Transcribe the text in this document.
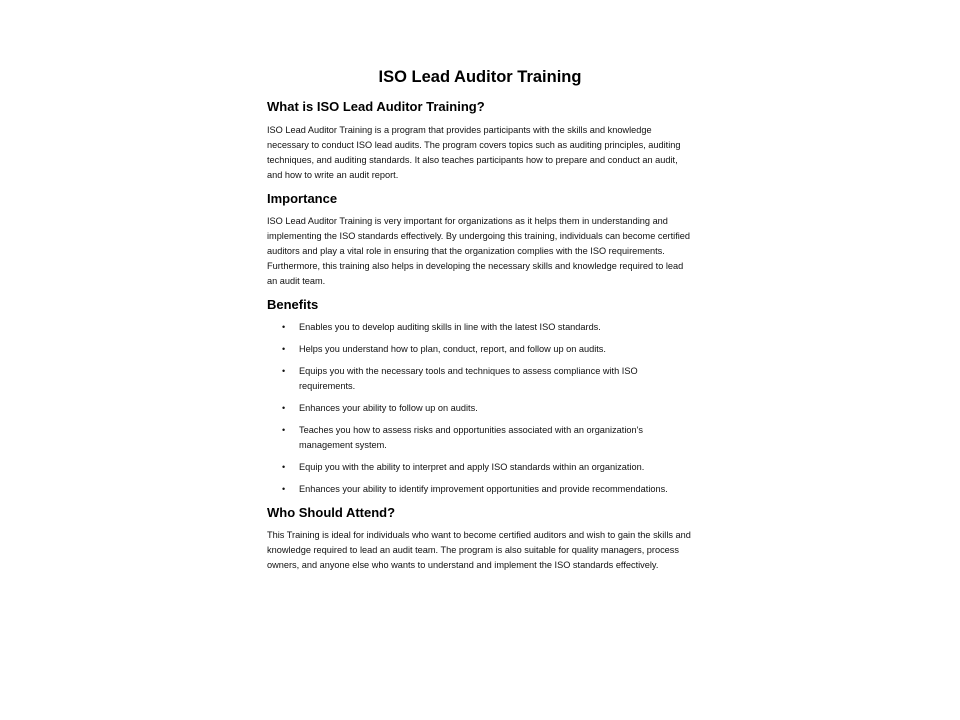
ISO Lead Auditor Training
What is ISO Lead Auditor Training?

ISO Lead Auditor Training is a program that provides participants with the skills and knowledge necessary to conduct ISO lead audits. The program covers topics such as auditing principles, auditing techniques, and auditing standards. It also teaches participants how to prepare and conduct an audit, and how to write an audit report.

Importance

ISO Lead Auditor Training is very important for organizations as it helps them in understanding and implementing the ISO standards effectively. By undergoing this training, individuals can become certified auditors and play a vital role in ensuring that the organization complies with the ISO requirements. Furthermore, this training also helps in developing the necessary skills and knowledge required to lead an audit team.

Benefits
• Enables you to develop auditing skills in line with the latest ISO standards.
• Helps you understand how to plan, conduct, report, and follow up on audits.
• Equips you with the necessary tools and techniques to assess compliance with ISO requirements.
• Enhances your ability to follow up on audits.
• Teaches you how to assess risks and opportunities associated with an organization's management system.
• Equip you with the ability to interpret and apply ISO standards within an organization.
• Enhances your ability to identify improvement opportunities and provide recommendations.
Who Should Attend?

This Training is ideal for individuals who want to become certified auditors and wish to gain the skills and knowledge required to lead an audit team. The program is also suitable for quality managers, process owners, and anyone else who wants to understand and implement the ISO standards effectively.
